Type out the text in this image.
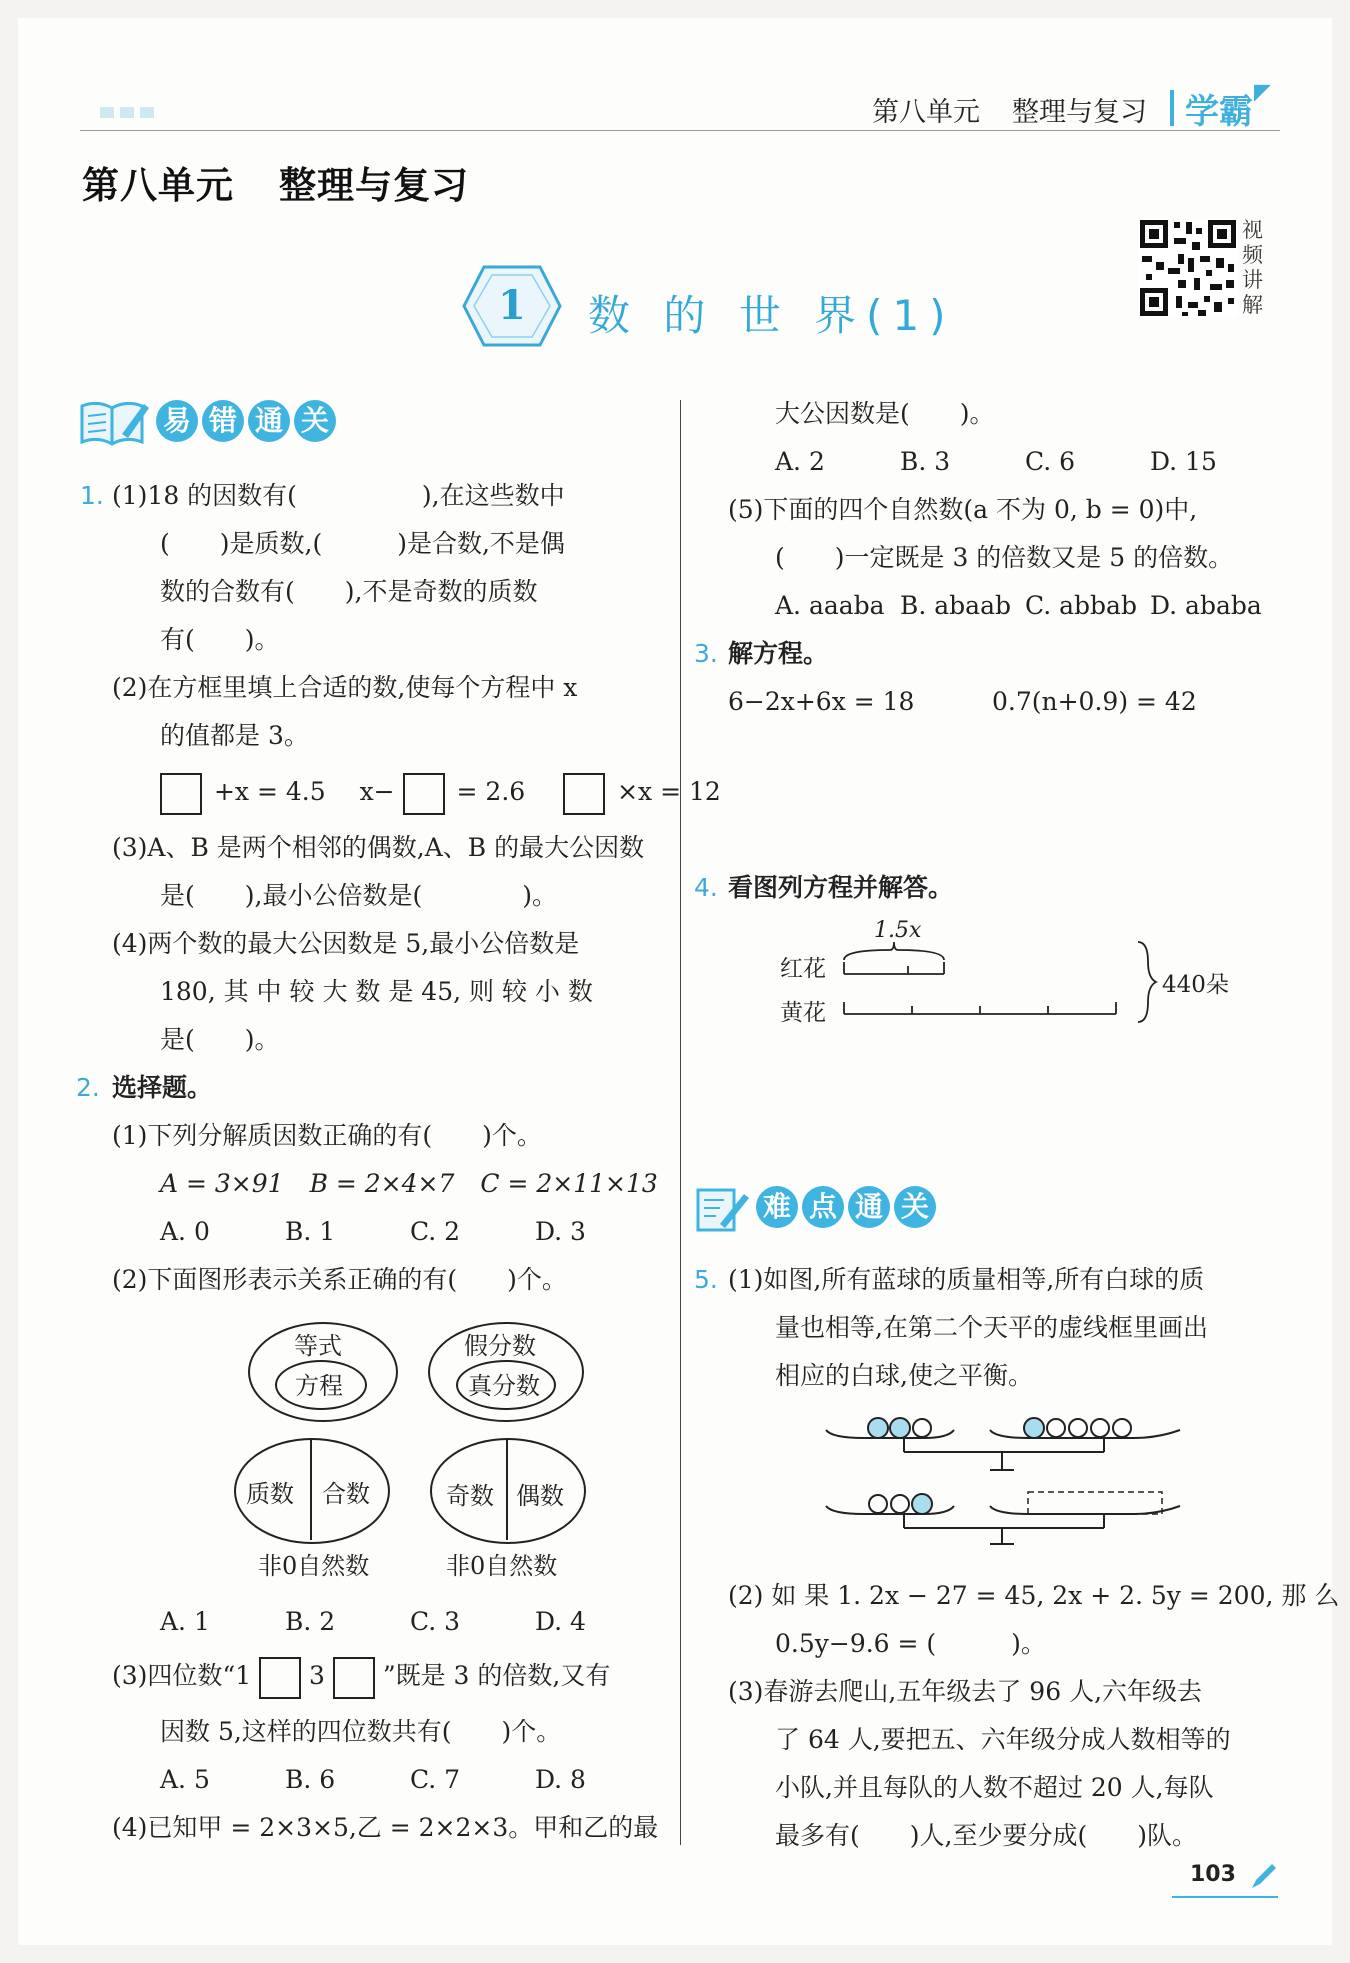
第八单元 整理与复习 学霸 ◤
第八单元 整理与复习
1 数 的 世 界(1)
视
频
讲
解
易 错 通 关
1. (1)18 的因数有(　　　　　),在这些数中
(　　)是质数,(　　　)是合数,不是偶
数的合数有(　　),不是奇数的质数
有(　　)。
(2)在方框里填上合适的数,使每个方程中 x
的值都是 3。
+x = 4.5 x− = 2.6	×x = 12
(3)A、B 是两个相邻的偶数,A、B 的最大公因数
是(　　),最小公倍数是(　　　　)。
(4)两个数的最大公因数是 5,最小公倍数是
180, 其 中 较 大 数 是 45, 则 较 小 数
是(　　)。
2. 选择题。
(1)下列分解质因数正确的有(　　)个。
A = 3×91 B = 2×4×7 C = 2×11×13
A. 0	B. 1	C. 2	D. 3
(2)下面图形表示关系正确的有(　　)个。
等式
方程
假分数
真分数
质数 合数
非0自然数
奇数 偶数
非0自然数
A. 1	B. 2	C. 3	D. 4
(3)四位数“1 3 ”既是 3 的倍数,又有
因数 5,这样的四位数共有(　　)个。
A. 5	B. 6	C. 7	D. 8
(4)已知甲 = 2×3×5,乙 = 2×2×3。甲和乙的最
大公因数是(　　)。
A. 2	B. 3	C. 6	D. 15
(5)下面的四个自然数(a 不为 0, b = 0)中,
(　　)一定既是 3 的倍数又是 5 的倍数。
A. aaaba B. abaab C. abbab D. ababa
3. 解方程。
6−2x+6x = 18	0.7(n+0.9) = 42
4. 看图列方程并解答。
1.5x
红花
黄花
440朵
难 点 通 关
5. (1)如图,所有蓝球的质量相等,所有白球的质
量也相等,在第二个天平的虚线框里画出
相应的白球,使之平衡。
(2) 如 果 1. 2x − 27 = 45, 2x + 2. 5y = 200, 那 么
0.5y−9.6 = (　　　)。
(3)春游去爬山,五年级去了 96 人,六年级去
了 64 人,要把五、六年级分成人数相等的
小队,并且每队的人数不超过 20 人,每队
最多有(　　)人,至少要分成(　　)队。
103
